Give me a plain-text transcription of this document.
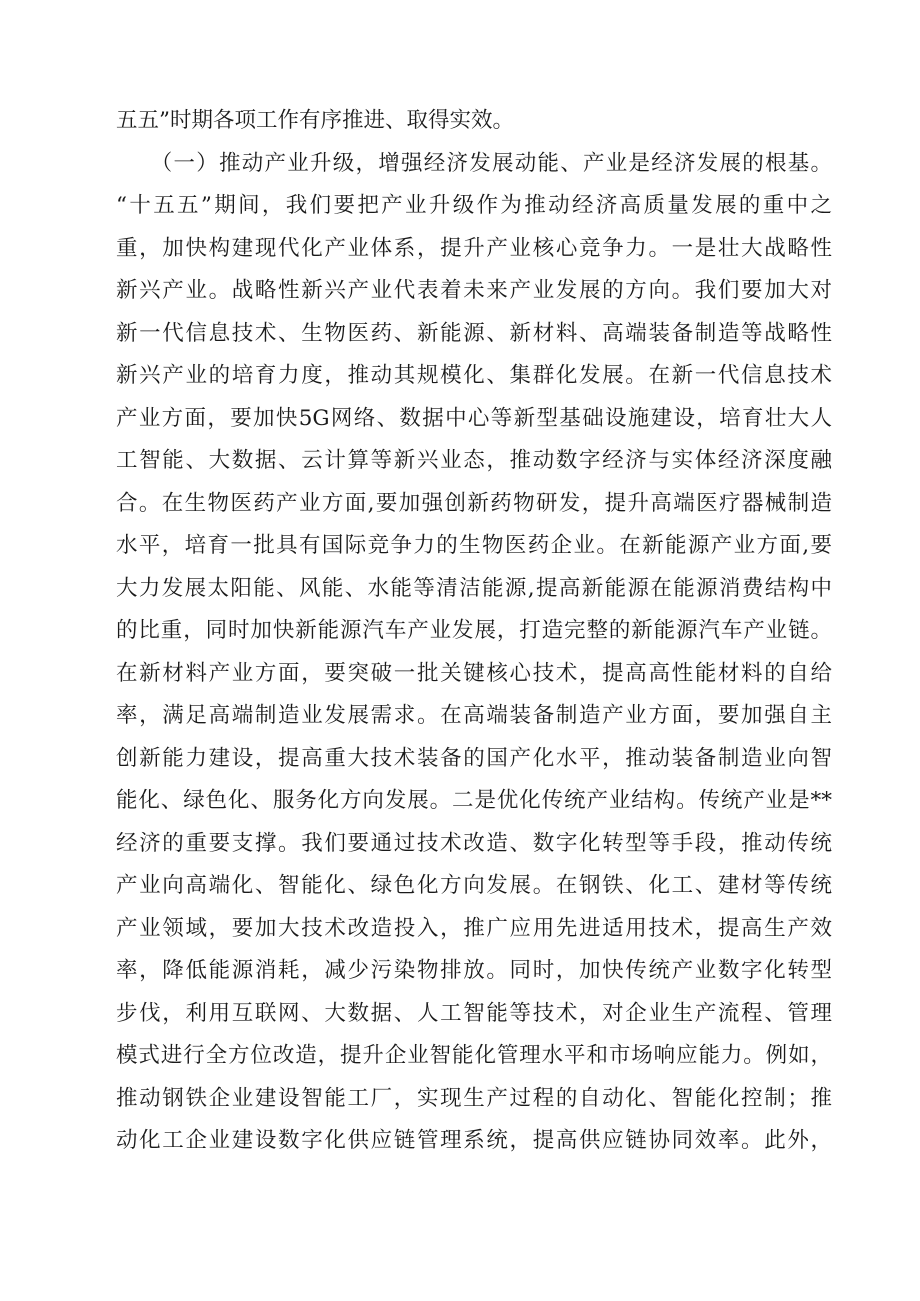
五五”时期各项工作有序推进、取得实效。
　　（一）推动产业升级，增强经济发展动能、产业是经济发展的根基。
“十五五”期间，我们要把产业升级作为推动经济高质量发展的重中之
重，加快构建现代化产业体系，提升产业核心竞争力。一是壮大战略性
新兴产业。战略性新兴产业代表着未来产业发展的方向。我们要加大对
新一代信息技术、生物医药、新能源、新材料、高端装备制造等战略性
新兴产业的培育力度，推动其规模化、集群化发展。在新一代信息技术
产业方面，要加快5G网络、数据中心等新型基础设施建设，培育壮大人
工智能、大数据、云计算等新兴业态，推动数字经济与实体经济深度融
合。在生物医药产业方面,要加强创新药物研发，提升高端医疗器械制造
水平，培育一批具有国际竞争力的生物医药企业。在新能源产业方面,要
大力发展太阳能、风能、水能等清洁能源,提高新能源在能源消费结构中
的比重，同时加快新能源汽车产业发展，打造完整的新能源汽车产业链。
在新材料产业方面，要突破一批关键核心技术，提高高性能材料的自给
率，满足高端制造业发展需求。在高端装备制造产业方面，要加强自主
创新能力建设，提高重大技术装备的国产化水平，推动装备制造业向智
能化、绿色化、服务化方向发展。二是优化传统产业结构。传统产业是**
经济的重要支撑。我们要通过技术改造、数字化转型等手段，推动传统
产业向高端化、智能化、绿色化方向发展。在钢铁、化工、建材等传统
产业领域，要加大技术改造投入，推广应用先进适用技术，提高生产效
率，降低能源消耗，减少污染物排放。同时，加快传统产业数字化转型
步伐，利用互联网、大数据、人工智能等技术，对企业生产流程、管理
模式进行全方位改造，提升企业智能化管理水平和市场响应能力。例如，
推动钢铁企业建设智能工厂，实现生产过程的自动化、智能化控制；推
动化工企业建设数字化供应链管理系统，提高供应链协同效率。此外，
